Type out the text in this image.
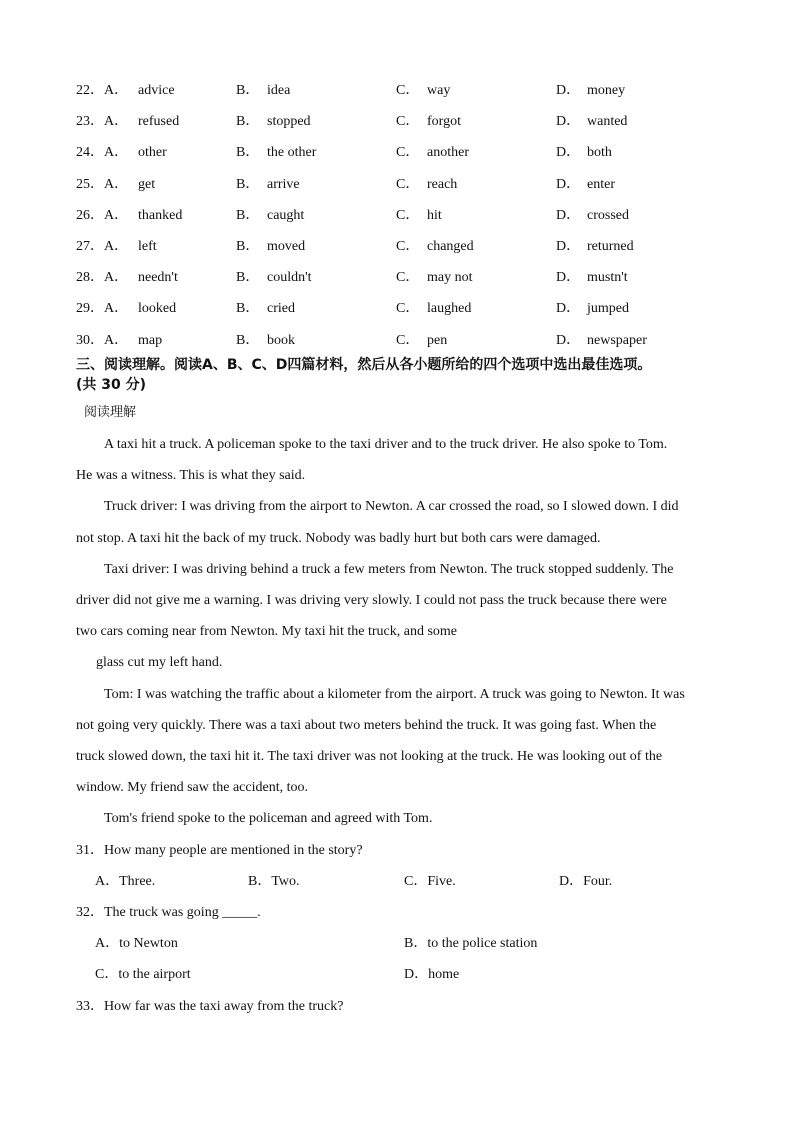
22． A． advice	B． idea	C． way	D． money
23． A． refused	B． stopped	C． forgot	D． wanted
24． A． other	B． the other	C． another	D． both
25． A． get	B． arrive	C． reach	D． enter
26． A． thanked	B． caught	C． hit	D． crossed
27． A． left	B． moved	C． changed	D． returned
28． A． needn't	B． couldn't	C． may not	D． mustn't
29． A． looked	B． cried	C． laughed	D． jumped
30． A． map	B． book	C． pen	D． newspaper
三、阅读理解。阅读A、B、C、D四篇材料，然后从各小题所给的四个选项中选出最佳选项。
(共 30 分)
阅读理解
A taxi hit a truck. A policeman spoke to the taxi driver and to the truck driver. He also spoke to Tom.
He was a witness. This is what they said.
Truck driver: I was driving from the airport to Newton. A car crossed the road, so I slowed down. I did
not stop. A taxi hit the back of my truck. Nobody was badly hurt but both cars were damaged.
Taxi driver: I was driving behind a truck a few meters from Newton. The truck stopped suddenly. The
driver did not give me a warning. I was driving very slowly. I could not pass the truck because there were
two cars coming near from Newton. My taxi hit the truck, and some
glass cut my left hand.
Tom: I was watching the traffic about a kilometer from the airport. A truck was going to Newton. It was
not going very quickly. There was a taxi about two meters behind the truck. It was going fast. When the
truck slowed down, the taxi hit it. The taxi driver was not looking at the truck. He was looking out of the
window. My friend saw the accident, too.
Tom's friend spoke to the policeman and agreed with Tom.
31．How many people are mentioned in the story?
A．Three.	B．Two.	C．Five.	D．Four.
32．The truck was going _____.
A．to Newton	B．to the police station
C．to the airport	D．home
33．How far was the taxi away from the truck?
